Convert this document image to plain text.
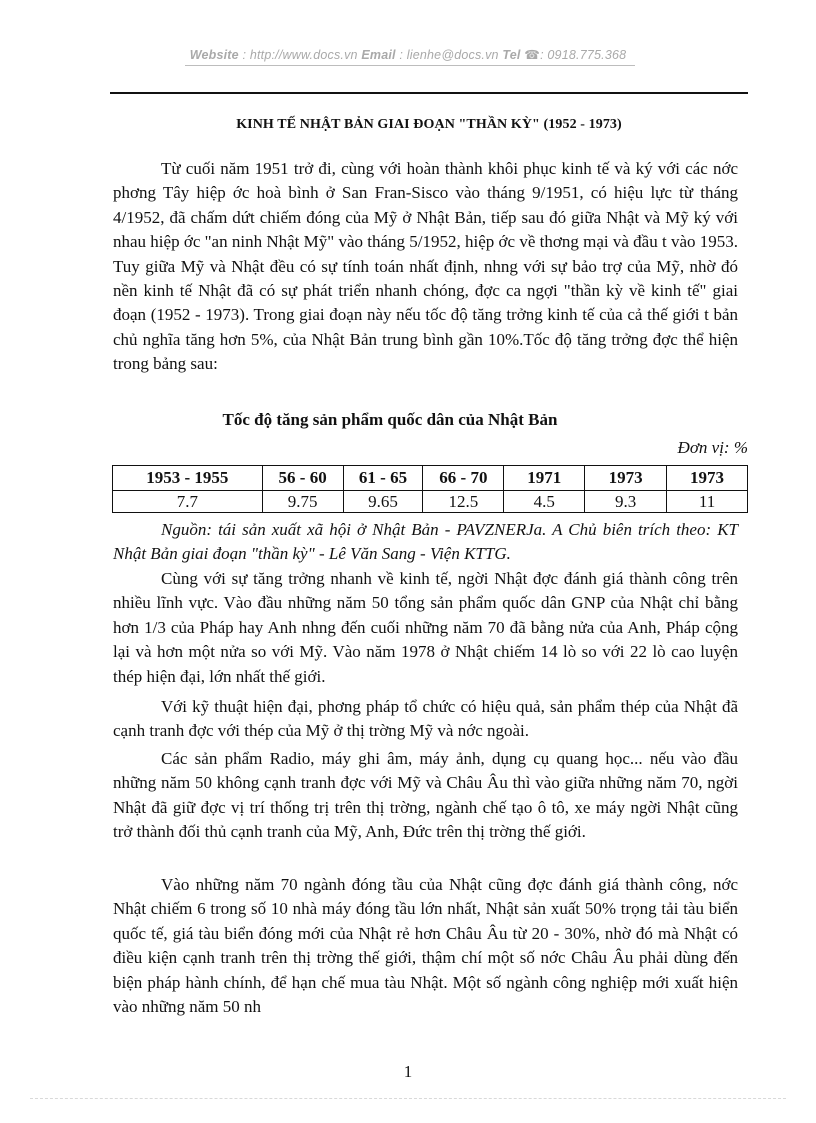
Website : http://www.docs.vn Email : lienhe@docs.vn Tel ☎: 0918.775.368
KINH TẾ NHẬT BẢN GIAI ĐOẠN "THẦN KỲ" (1952 - 1973)

Từ cuối năm 1951 trở đi, cùng với hoàn thành khôi phục kinh tế và ký với các nớc phơng Tây hiệp ớc hoà bình ở San Fran-Sisco vào tháng 9/1951, có hiệu lực từ tháng 4/1952, đã chấm dứt chiếm đóng của Mỹ ở Nhật Bản, tiếp sau đó giữa Nhật và Mỹ ký với nhau hiệp ớc "an ninh Nhật Mỹ" vào tháng 5/1952, hiệp ớc về thơng mại và đầu t vào 1953. Tuy giữa Mỹ và Nhật đều có sự tính toán nhất định, nhng với sự bảo trợ của Mỹ, nhờ đó nền kinh tế Nhật đã có sự phát triển nhanh chóng, đợc ca ngợi "thần kỳ về kinh tế" giai đoạn (1952 - 1973). Trong giai đoạn này nếu tốc độ tăng trởng kinh tế của cả thế giới t bản chủ nghĩa tăng hơn 5%, của Nhật Bản trung bình gần 10%.Tốc độ tăng trởng đợc thể hiện trong bảng sau:

Tốc độ tăng sản phẩm quốc dân của Nhật Bản
Đơn vị: %
1953 - 1955	56 - 60	61 - 65	66 - 70	1971	1973	1973
7.7	9.75	9.65	12.5	4.5	9.3	11

Nguồn: tái sản xuất xã hội ở Nhật Bản - PAVZNERJa. A Chủ biên trích theo: KT Nhật Bản giai đoạn "thần kỳ" - Lê Văn Sang - Viện KTTG.

Cùng với sự tăng trởng nhanh về kinh tế, ngời Nhật đợc đánh giá thành công trên nhiều lĩnh vực. Vào đầu những năm 50 tổng sản phẩm quốc dân GNP của Nhật chỉ bằng hơn 1/3 của Pháp hay Anh nhng đến cuối những năm 70 đã bằng nửa của Anh, Pháp cộng lại và hơn một nửa so với Mỹ. Vào năm 1978 ở Nhật chiếm 14 lò so với 22 lò cao luyện thép hiện đại, lớn nhất thế giới.

Với kỹ thuật hiện đại, phơng pháp tổ chức có hiệu quả, sản phẩm thép của Nhật đã cạnh tranh đợc với thép của Mỹ ở thị trờng Mỹ và nớc ngoài.

Các sản phẩm Radio, máy ghi âm, máy ảnh, dụng cụ quang học... nếu vào đầu những năm 50 không cạnh tranh đợc với Mỹ và Châu Âu thì vào giữa những năm 70, ngời Nhật đã giữ đợc vị trí thống trị trên thị trờng, ngành chế tạo ô tô, xe máy ngời Nhật cũng trở thành đối thủ cạnh tranh của Mỹ, Anh, Đức trên thị trờng thế giới.

Vào những năm 70 ngành đóng tầu của Nhật cũng đợc đánh giá thành công, nớc Nhật chiếm 6 trong số 10 nhà máy đóng tầu lớn nhất, Nhật sản xuất 50% trọng tải tàu biển quốc tế, giá tàu biển đóng mới của Nhật rẻ hơn Châu Âu từ 20 - 30%, nhờ đó mà Nhật có điều kiện cạnh tranh trên thị trờng thế giới, thậm chí một số nớc Châu Âu phải dùng đến biện pháp hành chính, để hạn chế mua tàu Nhật. Một số ngành công nghiệp mới xuất hiện vào những năm 50 nh

1
